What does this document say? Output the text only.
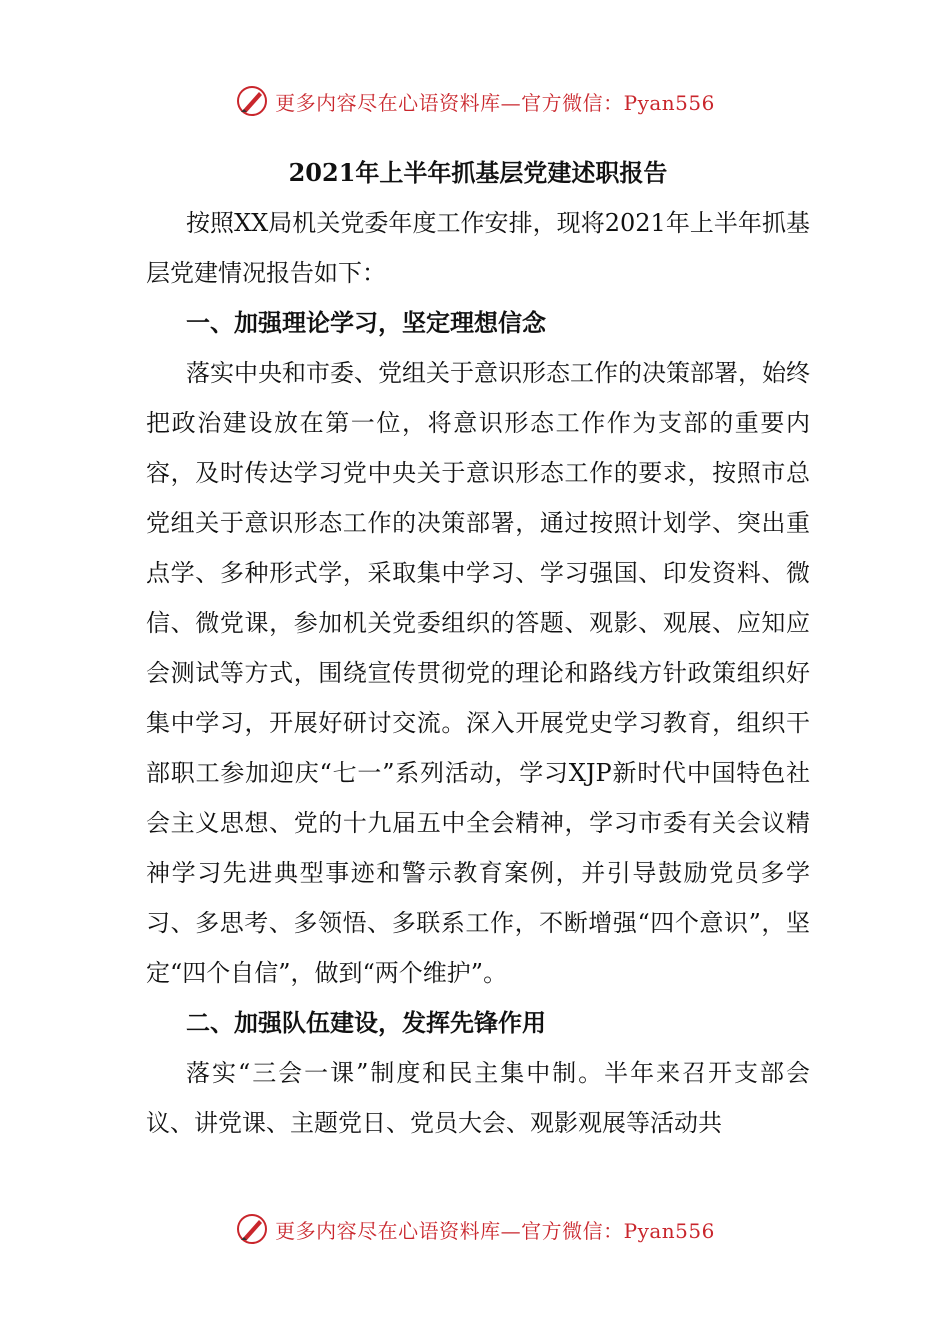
更多内容尽在心语资料库—官方微信：Pyan556

2021年上半年抓基层党建述职报告

按照XX局机关党委年度工作安排，现将2021年上半年抓基层党建情况报告如下：

一、加强理论学习，坚定理想信念

落实中央和市委、党组关于意识形态工作的决策部署，始终把政治建设放在第一位，将意识形态工作作为支部的重要内容，及时传达学习党中央关于意识形态工作的要求，按照市总党组关于意识形态工作的决策部署，通过按照计划学、突出重点学、多种形式学，采取集中学习、学习强国、印发资料、微信、微党课，参加机关党委组织的答题、观影、观展、应知应会测试等方式，围绕宣传贯彻党的理论和路线方针政策组织好集中学习，开展好研讨交流。深入开展党史学习教育，组织干部职工参加迎庆“七一”系列活动，学习XJP新时代中国特色社会主义思想、党的十九届五中全会精神，学习市委有关会议精神学习先进典型事迹和警示教育案例，并引导鼓励党员多学习、多思考、多领悟、多联系工作，不断增强“四个意识”，坚定“四个自信”，做到“两个维护”。

二、加强队伍建设，发挥先锋作用

落实“三会一课”制度和民主集中制。半年来召开支部会议、讲党课、主题党日、党员大会、观影观展等活动共

更多内容尽在心语资料库—官方微信：Pyan556
